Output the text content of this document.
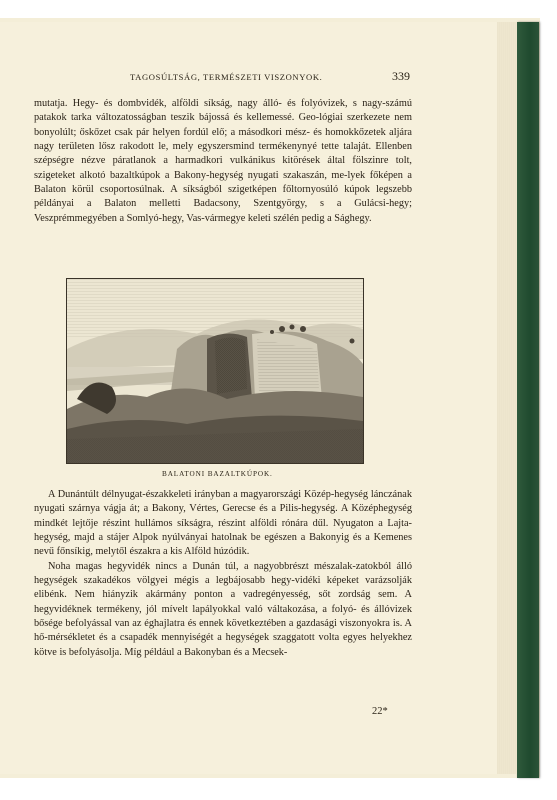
TAGOSÚLTSÁG, TERMÉSZETI VISZONYOK.	339

mutatja. Hegy- és dombvidék, alföldi síkság, nagy álló- és folyóvizek, s nagy-számú patakok tarka változatosságban teszik bájossá és kellemessé. Geo-lógiai szerkezete nem bonyolúlt; őskőzet csak pár helyen fordúl elő; a másodkori mész- és homokkőzetek aljára nagy területen lősz rakodott le, mely egyszersmind termékenynyé tette talaját. Ellenben szépségre nézve páratlanok a harmadkori vulkánikus kitörések által fölszinre tolt, szigeteket alkotó bazaltkúpok a Bakony-hegység nyugati szakaszán, me-lyek főképen a Balaton körül csoportosúlnak. A síkságból szigetképen főltornyosúló kúpok legszebb példányai a Balaton melletti Badacsony, Szentgyörgy, s a Gulácsi-hegy; Veszprémmegyében a Somlyó-hegy, Vas-vármegye keleti szélén pedig a Sághegy.

BALATONI BAZALTKÚPOK.

A Dunántúlt délnyugat-északkeleti irányban a magyarországi Közép-hegység lánczának nyugati szárnya vágja át; a Bakony, Vértes, Gerecse és a Pilis-hegység. A Középhegység mindkét lejtője részint hullámos síkságra, részint alföldi rónára dűl. Nyugaton a Lajta-hegység, majd a stájer Alpok nyúlványai hatolnak be egészen a Bakonyig és a Kemenes nevű főnsíkig, melytől északra a kis Alföld húzódik.

Noha magas hegyvidék nincs a Dunán túl, a nagyobbrészt mészalak-zatokból álló hegységek szakadékos völgyei mégis a legbájosabb hegy-vidéki képeket varázsolják elibénk. Nem hiányzik akármány ponton a vadregényesség, sőt zordság sem. A hegyvidéknek termékeny, jól mívelt lapályokkal való váltakozása, a folyó- és állóvizek bősége befolyással van az éghajlatra és ennek következtében a gazdasági viszonyokra is. A hő-mérsékletet és a csapadék mennyiségét a hegységek szaggatott volta egyes helyekhez kötve is befolyásolja. Míg például a Bakonyban és a Mecsek-

22*
